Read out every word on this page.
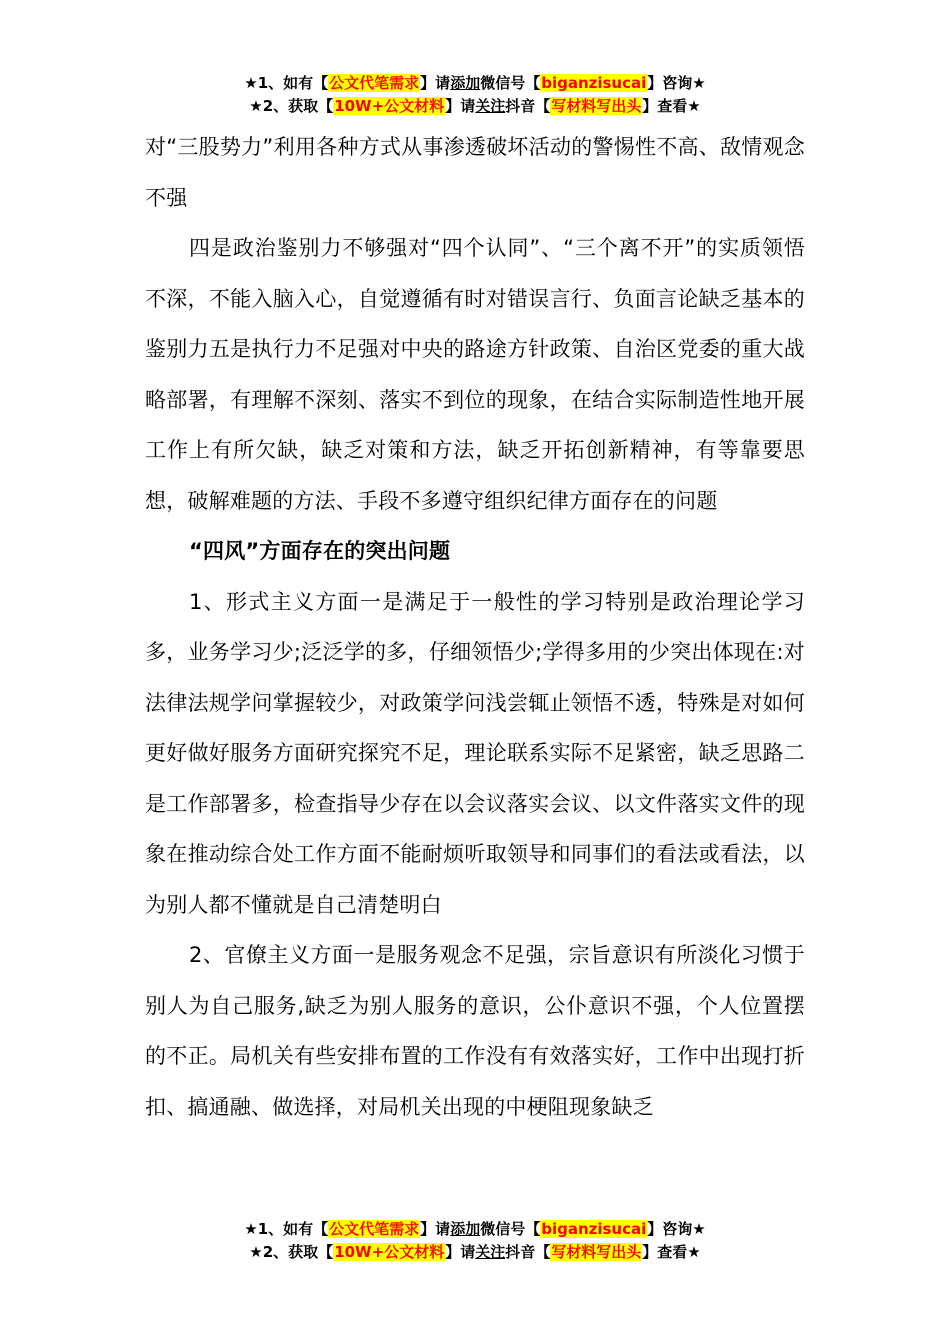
★1、如有【公文代笔需求】请添加微信号【biganzisucai】咨询★
★2、获取【10W+公文材料】请关注抖音【写材料写出头】查看★

对“三股势力”利用各种方式从事渗透破坏活动的警惕性不高、敌情观念不强

四是政治鉴别力不够强对“四个认同”、“三个离不开”的实质领悟不深，不能入脑入心，自觉遵循有时对错误言行、负面言论缺乏基本的鉴别力五是执行力不足强对中央的路途方针政策、自治区党委的重大战略部署，有理解不深刻、落实不到位的现象，在结合实际制造性地开展工作上有所欠缺，缺乏对策和方法，缺乏开拓创新精神，有等靠要思想，破解难题的方法、手段不多遵守组织纪律方面存在的问题

“四风”方面存在的突出问题

1、形式主义方面一是满足于一般性的学习特别是政治理论学习多，业务学习少;泛泛学的多，仔细领悟少;学得多用的少突出体现在:对法律法规学问掌握较少，对政策学问浅尝辄止领悟不透，特殊是对如何更好做好服务方面研究探究不足，理论联系实际不足紧密，缺乏思路二是工作部署多，检查指导少存在以会议落实会议、以文件落实文件的现象在推动综合处工作方面不能耐烦听取领导和同事们的看法或看法，以为别人都不懂就是自己清楚明白

2、官僚主义方面一是服务观念不足强，宗旨意识有所淡化习惯于别人为自己服务,缺乏为别人服务的意识，公仆意识不强，个人位置摆的不正。局机关有些安排布置的工作没有有效落实好，工作中出现打折扣、搞通融、做选择，对局机关出现的中梗阻现象缺乏

★1、如有【公文代笔需求】请添加微信号【biganzisucai】咨询★
★2、获取【10W+公文材料】请关注抖音【写材料写出头】查看★
